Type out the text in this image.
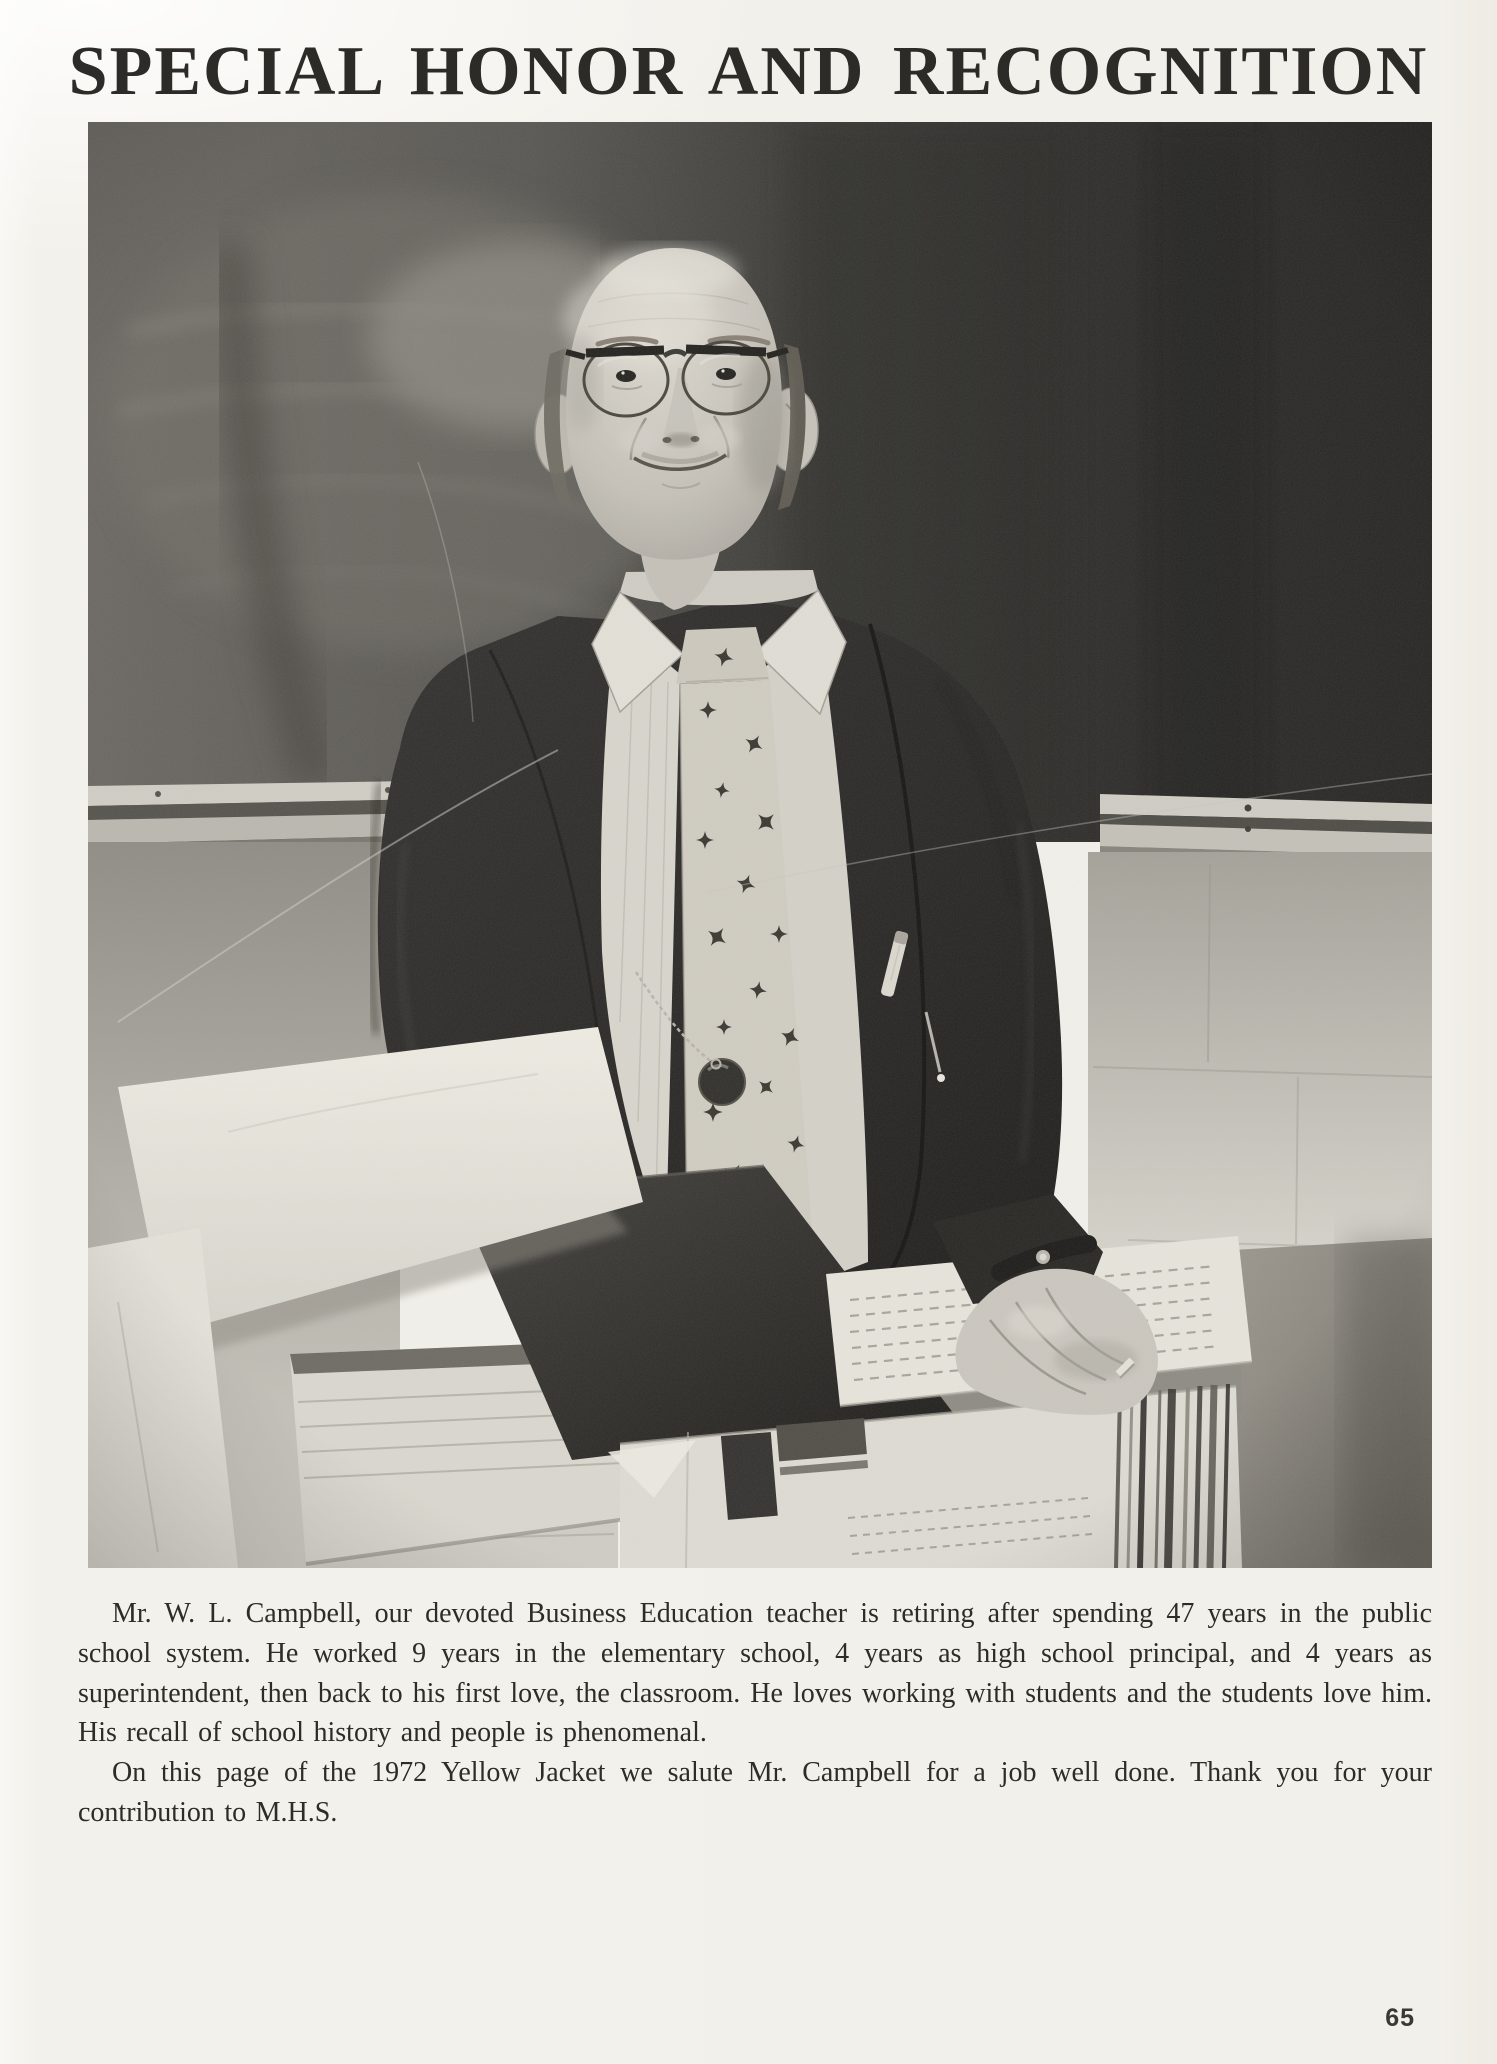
SPECIAL HONOR AND RECOGNITION

Mr. W. L. Campbell, our devoted Business Education teacher is retiring after spending 47 years in the public school system. He worked 9 years in the elementary school, 4 years as high school principal, and 4 years as superintendent, then back to his first love, the classroom. He loves working with students and the students love him. His recall of school history and people is phenomenal.

On this page of the 1972 Yellow Jacket we salute Mr. Campbell for a job well done. Thank you for your contribution to M.H.S.

65
